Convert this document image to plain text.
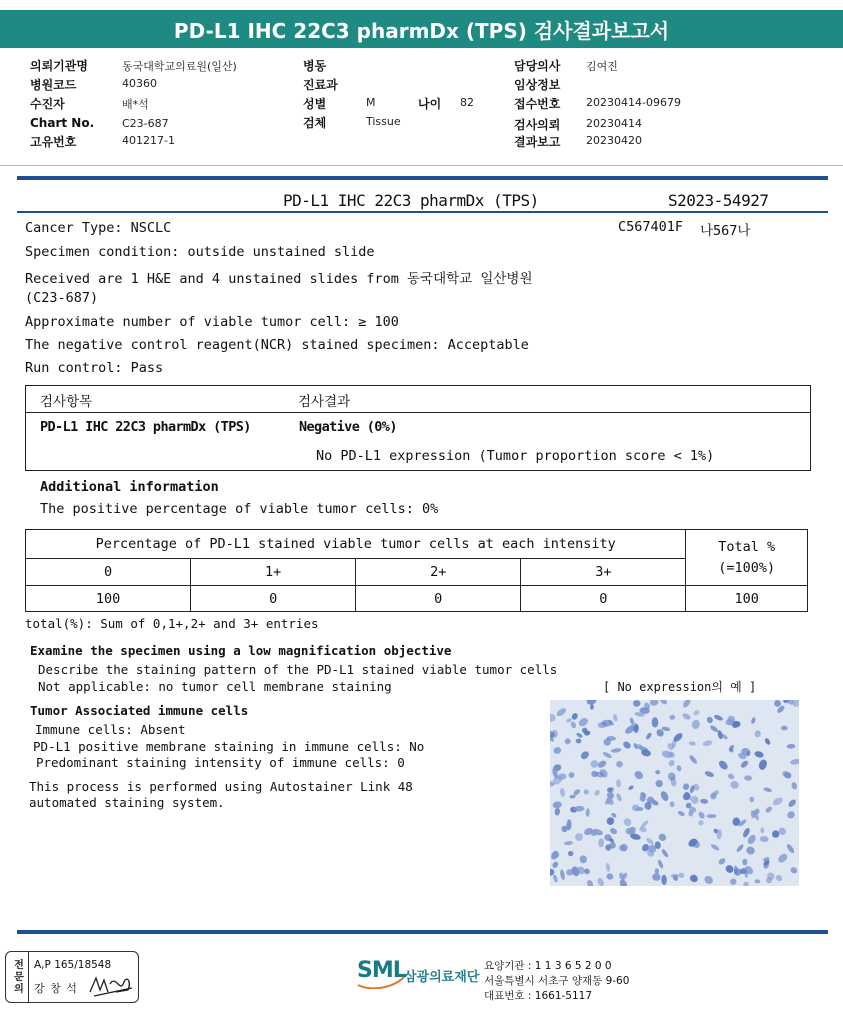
PD-L1 IHC 22C3 pharmDx (TPS) 검사결과보고서
의뢰기관명	동국대학교의료원(일산)
병원코드	40360
수진자	배*석
Chart No.	C23-687
고유번호	401217-1
병동
진료과
성별	M	나이 82
검체	Tissue
담당의사 김여진
임상정보
접수번호 20230414-09679
검사의뢰 20230414
결과보고 20230420
PD-L1 IHC 22C3 pharmDx (TPS)	S2023-54927
C567401F 나567나
Cancer Type: NSCLC
Specimen condition: outside unstained slide
Received are 1 H&E and 4 unstained slides from 동국대학교 일산병원
(C23-687)
Approximate number of viable tumor cell: ≥ 100
The negative control reagent(NCR) stained specimen: Acceptable
Run control: Pass
검사항목	검사결과
PD-L1 IHC 22C3 pharmDx (TPS)	Negative (0%)
No PD-L1 expression (Tumor proportion score < 1%)
Additional information
The positive percentage of viable tumor cells: 0%
Percentage of PD-L1 stained viable tumor cells at each intensity				Total %
(=100%)

0	1+	2+	3+	
100	0	0	0	100
total(%): Sum of 0,1+,2+ and 3+ entries
Examine the specimen using a low magnification objective
Describe the staining pattern of the PD-L1 stained viable tumor cells
Not applicable: no tumor cell membrane staining	[ No expression의 예 ]
Tumor Associated immune cells
Immune cells: Absent
PD-L1 positive membrane staining in immune cells: No
Predominant staining intensity of immune cells: 0
This process is performed using Autostainer Link 48
automated staining system.
전문의	A,P 165/18548
강 창 석
SML
삼광의료재단
요양기관 : 1 1 3 6 5 2 0 0
서울특별시 서초구 양재동 9-60
대표번호 : 1661-5117
